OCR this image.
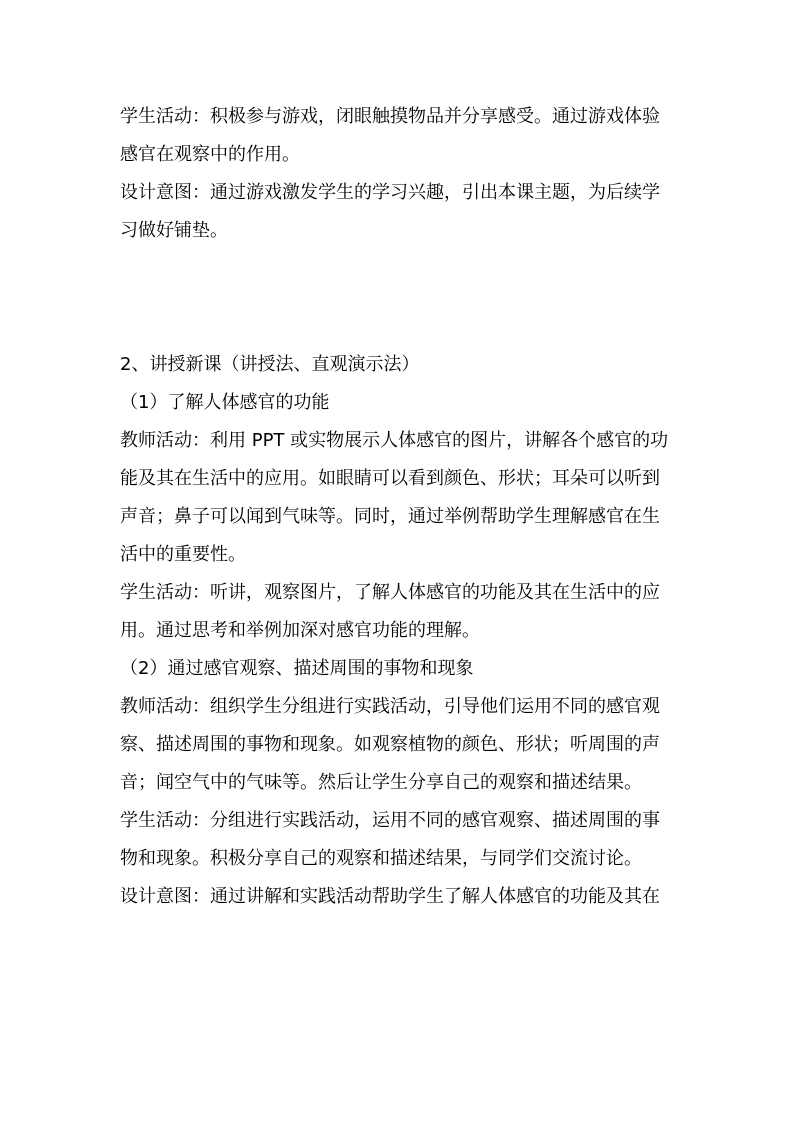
学生活动：积极参与游戏，闭眼触摸物品并分享感受。通过游戏体验
感官在观察中的作用。
设计意图：通过游戏激发学生的学习兴趣，引出本课主题，为后续学
习做好铺垫。
2、讲授新课（讲授法、直观演示法）
（1）了解人体感官的功能
教师活动：利用 PPT 或实物展示人体感官的图片，讲解各个感官的功
能及其在生活中的应用。如眼睛可以看到颜色、形状；耳朵可以听到
声音；鼻子可以闻到气味等。同时，通过举例帮助学生理解感官在生
活中的重要性。
学生活动：听讲，观察图片，了解人体感官的功能及其在生活中的应
用。通过思考和举例加深对感官功能的理解。
（2）通过感官观察、描述周围的事物和现象
教师活动：组织学生分组进行实践活动，引导他们运用不同的感官观
察、描述周围的事物和现象。如观察植物的颜色、形状；听周围的声
音；闻空气中的气味等。然后让学生分享自己的观察和描述结果。
学生活动：分组进行实践活动，运用不同的感官观察、描述周围的事
物和现象。积极分享自己的观察和描述结果，与同学们交流讨论。
设计意图：通过讲解和实践活动帮助学生了解人体感官的功能及其在
